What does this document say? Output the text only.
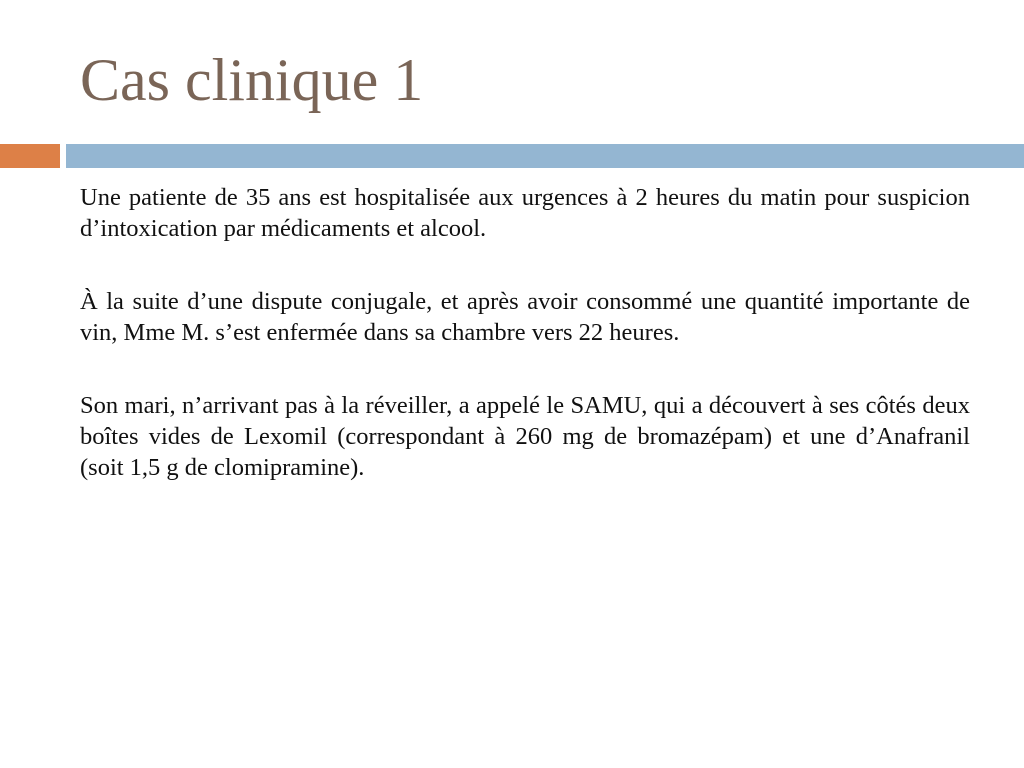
Cas clinique 1

Une patiente de 35 ans est hospitalisée aux urgences à 2 heures du matin pour suspicion d’intoxication par médicaments et alcool.

À la suite d’une dispute conjugale, et après avoir consommé une quantité importante de vin, Mme M. s’est enfermée dans sa chambre vers 22 heures.

Son mari, n’arrivant pas à la réveiller, a appelé le SAMU, qui a découvert à ses côtés deux boîtes vides de Lexomil (correspondant à 260 mg de bromazépam) et une d’Anafranil (soit 1,5 g de clomipramine).
